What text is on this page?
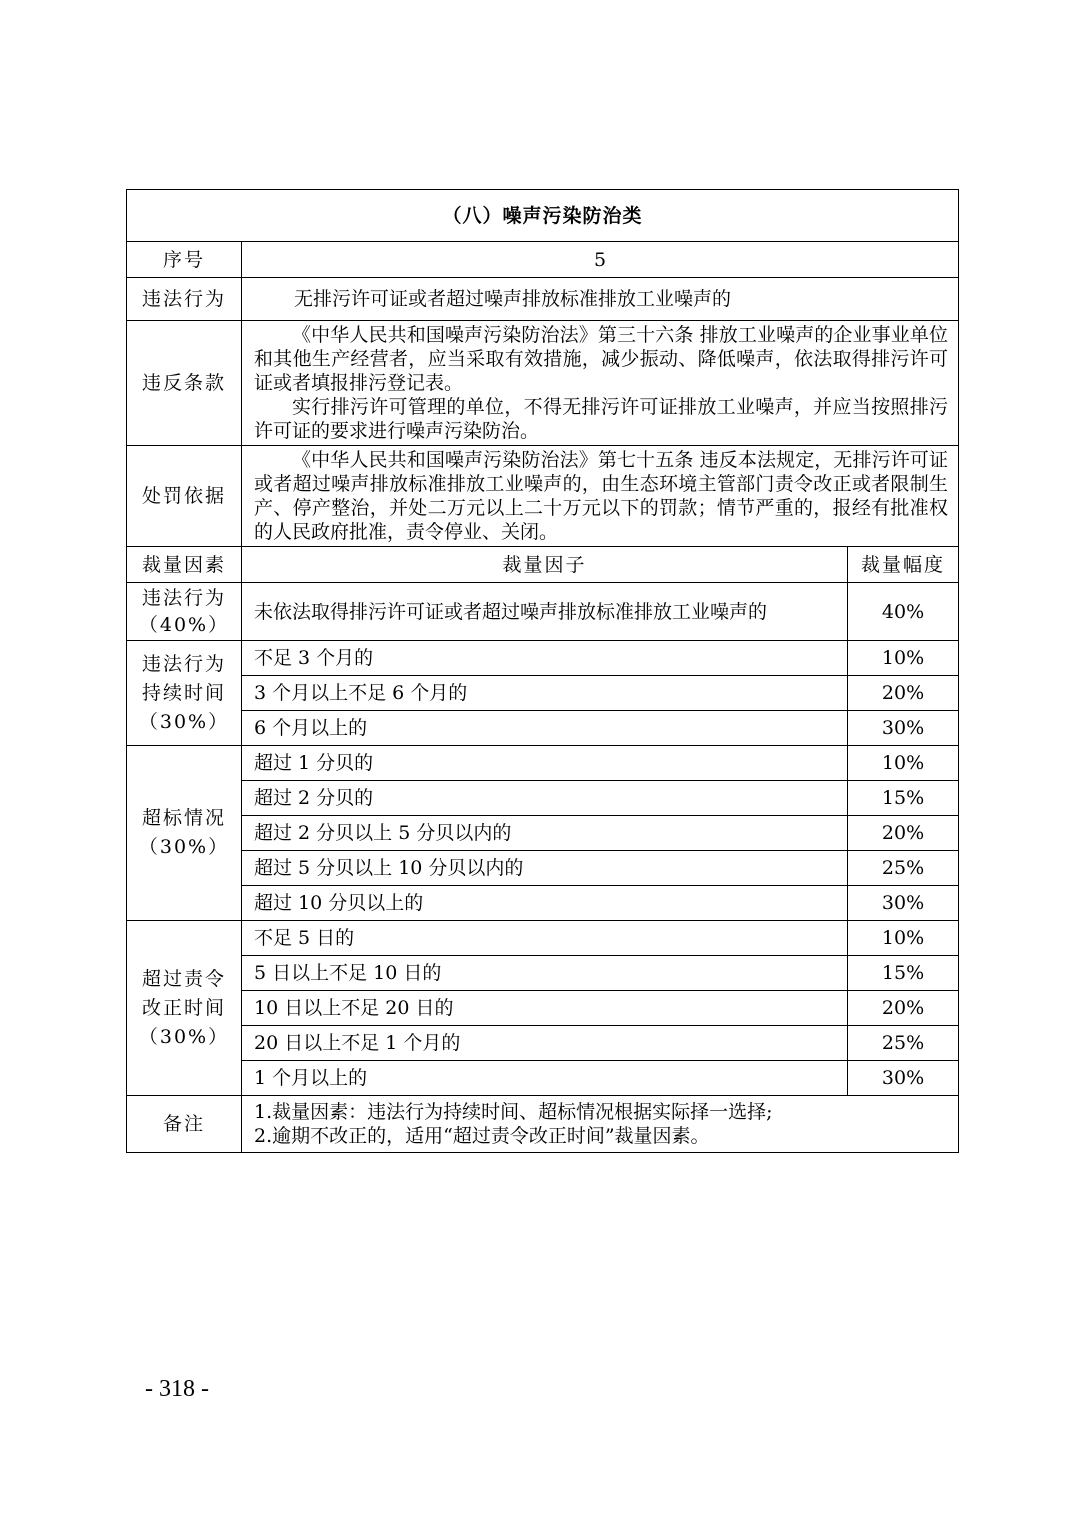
（八）噪声污染防治类		
序号	5	
违法行为	无排污许可证或者超过噪声排放标准排放工业噪声的	
违反条款	《中华人民共和国噪声污染防治法》第三十六条 排放工业噪声的企业事业单位和其他生产经营者，应当采取有效措施，减少振动、降低噪声，依法取得排污许可证或者填报排污登记表。

实行排污许可管理的单位，不得无排污许可证排放工业噪声，并应当按照排污许可证的要求进行噪声污染防治。	

处罚依据	《中华人民共和国噪声污染防治法》第七十五条 违反本法规定，无排污许可证或者超过噪声排放标准排放工业噪声的，由生态环境主管部门责令改正或者限制生产、停产整治，并处二万元以上二十万元以下的罚款；情节严重的，报经有批准权的人民政府批准，责令停业、关闭。	

裁量因素	裁量因子	裁量幅度

违法行为
（40%）	未依法取得排污许可证或者超过噪声排放标准排放工业噪声的	40%

违法行为
持续时间
（30%）	不足 3 个月的	10%
	3 个月以上不足 6 个月的	20%
	6 个月以上的	30%

超标情况
（30%）	超过 1 分贝的	10%
	超过 2 分贝的	15%
	超过 2 分贝以上 5 分贝以内的	20%
	超过 5 分贝以上 10 分贝以内的	25%
	超过 10 分贝以上的	30%

超过责令
改正时间
（30%）	不足 5 日的	10%
	5 日以上不足 10 日的	15%
	10 日以上不足 20 日的	20%
	20 日以上不足 1 个月的	25%
	1 个月以上的	30%
备注	1.裁量因素：违法行为持续时间、超标情况根据实际择一选择;
2.逾期不改正的，适用“超过责令改正时间”裁量因素。	
- 318 -
